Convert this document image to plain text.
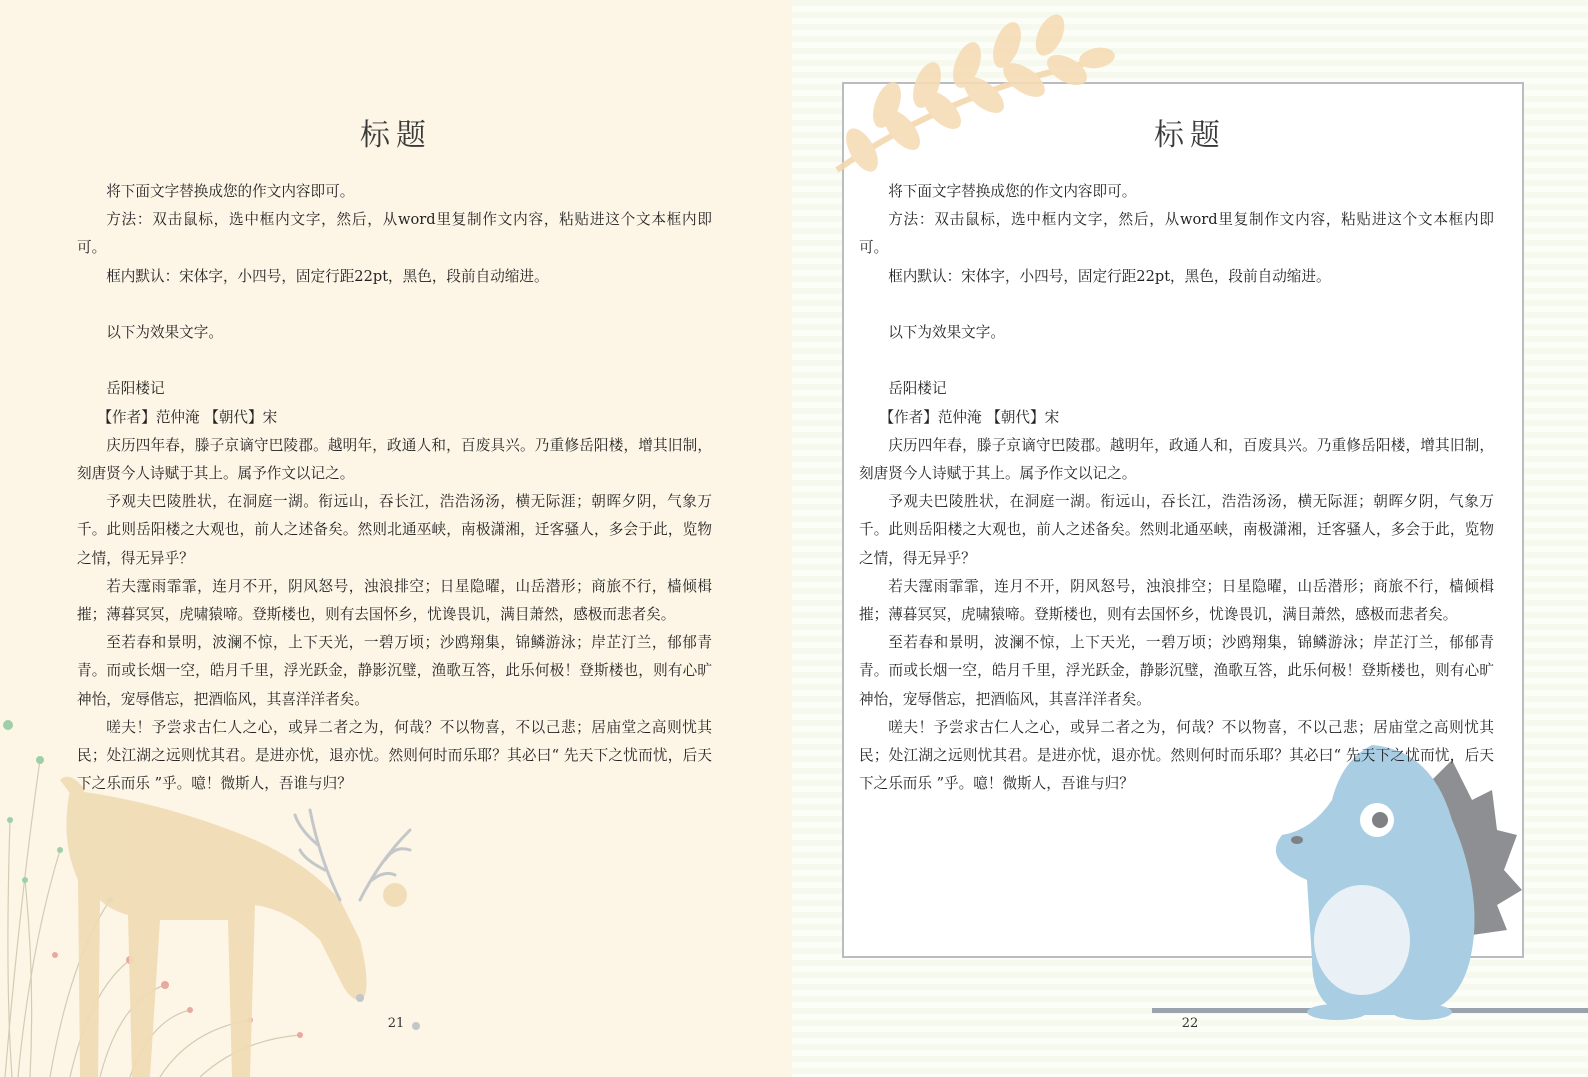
标题

将下面文字替换成您的作文内容即可。

方法：双击鼠标，选中框内文字，然后，从word里复制作文内容，粘贴进这个文本框内即可。

框内默认：宋体字，小四号，固定行距22pt，黑色，段前自动缩进。

以下为效果文字。

岳阳楼记

【作者】范仲淹 【朝代】宋

庆历四年春，滕子京谪守巴陵郡。越明年，政通人和，百废具兴。乃重修岳阳楼，增其旧制，刻唐贤今人诗赋于其上。属予作文以记之。

予观夫巴陵胜状，在洞庭一湖。衔远山，吞长江，浩浩汤汤，横无际涯；朝晖夕阴，气象万千。此则岳阳楼之大观也，前人之述备矣。然则北通巫峡，南极潇湘，迁客骚人，多会于此，览物之情，得无异乎？

若夫霪雨霏霏，连月不开，阴风怒号，浊浪排空；日星隐曜，山岳潜形；商旅不行，樯倾楫摧；薄暮冥冥，虎啸猿啼。登斯楼也，则有去国怀乡，忧谗畏讥，满目萧然，感极而悲者矣。

至若春和景明，波澜不惊，上下天光，一碧万顷；沙鸥翔集，锦鳞游泳；岸芷汀兰，郁郁青青。而或长烟一空，皓月千里，浮光跃金，静影沉璧，渔歌互答，此乐何极！登斯楼也，则有心旷神怡，宠辱偕忘，把酒临风，其喜洋洋者矣。

嗟夫！予尝求古仁人之心，或异二者之为，何哉？不以物喜，不以己悲；居庙堂之高则忧其民；处江湖之远则忧其君。是进亦忧，退亦忧。然则何时而乐耶？其必曰“ 先天下之忧而忧，后天下之乐而乐 ”乎。噫！微斯人，吾谁与归？

21
标题

将下面文字替换成您的作文内容即可。

方法：双击鼠标，选中框内文字，然后，从word里复制作文内容，粘贴进这个文本框内即可。

框内默认：宋体字，小四号，固定行距22pt，黑色，段前自动缩进。

以下为效果文字。

岳阳楼记

【作者】范仲淹 【朝代】宋

庆历四年春，滕子京谪守巴陵郡。越明年，政通人和，百废具兴。乃重修岳阳楼，增其旧制，刻唐贤今人诗赋于其上。属予作文以记之。

予观夫巴陵胜状，在洞庭一湖。衔远山，吞长江，浩浩汤汤，横无际涯；朝晖夕阴，气象万千。此则岳阳楼之大观也，前人之述备矣。然则北通巫峡，南极潇湘，迁客骚人，多会于此，览物之情，得无异乎？

若夫霪雨霏霏，连月不开，阴风怒号，浊浪排空；日星隐曜，山岳潜形；商旅不行，樯倾楫摧；薄暮冥冥，虎啸猿啼。登斯楼也，则有去国怀乡，忧谗畏讥，满目萧然，感极而悲者矣。

至若春和景明，波澜不惊，上下天光，一碧万顷；沙鸥翔集，锦鳞游泳；岸芷汀兰，郁郁青青。而或长烟一空，皓月千里，浮光跃金，静影沉璧，渔歌互答，此乐何极！登斯楼也，则有心旷神怡，宠辱偕忘，把酒临风，其喜洋洋者矣。

嗟夫！予尝求古仁人之心，或异二者之为，何哉？不以物喜，不以己悲；居庙堂之高则忧其民；处江湖之远则忧其君。是进亦忧，退亦忧。然则何时而乐耶？其必曰“ 先天下之忧而忧，后天下之乐而乐 ”乎。噫！微斯人，吾谁与归？

22
